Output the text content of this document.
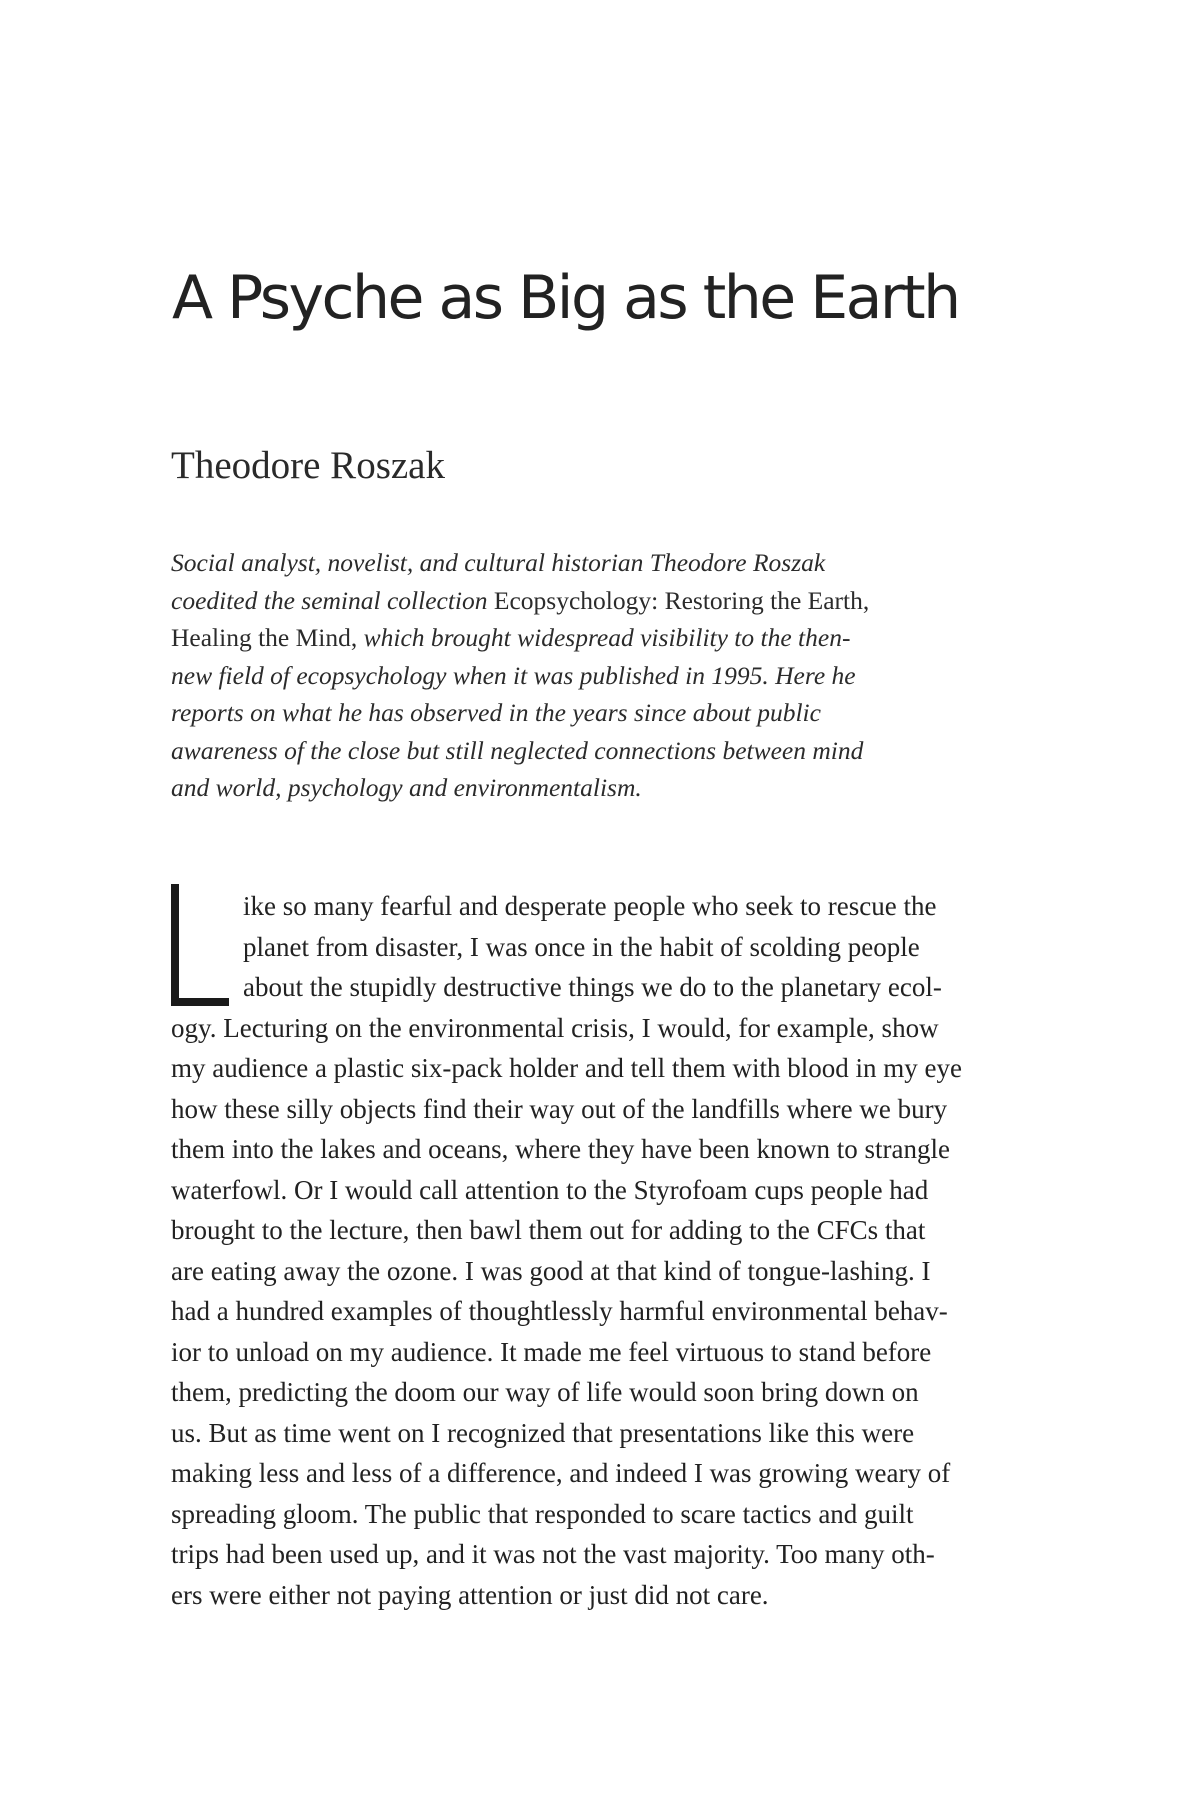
A Psyche as Big as the Earth
Theodore Roszak
Social analyst, novelist, and cultural historian Theodore Roszak
coedited the seminal collection Ecopsychology: Restoring the Earth,
Healing the Mind, which brought widespread visibility to the then-
new field of ecopsychology when it was published in 1995. Here he
reports on what he has observed in the years since about public
awareness of the close but still neglected connections between mind
and world, psychology and environmentalism.
ike so many fearful and desperate people who seek to rescue the
planet from disaster, I was once in the habit of scolding people
about the stupidly destructive things we do to the planetary ecol-
ogy. Lecturing on the environmental crisis, I would, for example, show
my audience a plastic six-pack holder and tell them with blood in my eye
how these silly objects find their way out of the landfills where we bury
them into the lakes and oceans, where they have been known to strangle
waterfowl. Or I would call attention to the Styrofoam cups people had
brought to the lecture, then bawl them out for adding to the CFCs that
are eating away the ozone. I was good at that kind of tongue-lashing. I
had a hundred examples of thoughtlessly harmful environmental behav-
ior to unload on my audience. It made me feel virtuous to stand before
them, predicting the doom our way of life would soon bring down on
us. But as time went on I recognized that presentations like this were
making less and less of a difference, and indeed I was growing weary of
spreading gloom. The public that responded to scare tactics and guilt
trips had been used up, and it was not the vast majority. Too many oth-
ers were either not paying attention or just did not care.
